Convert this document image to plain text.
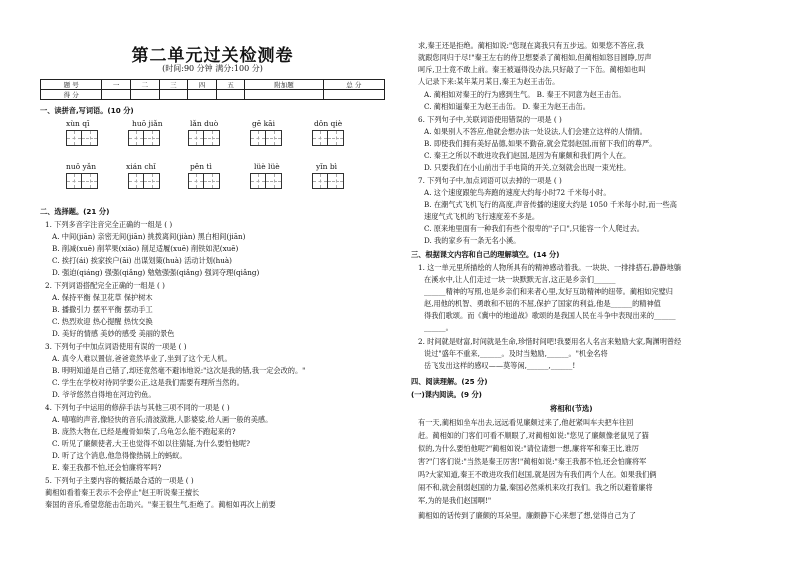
第二单元过关检测卷
(时间:90 分钟 满分:100 分)
题 号	一	二	三	四	五	附加题	总 分
得 分							
一、读拼音,写词语。(10 分)
xùn qī	huō jiǎn	lǎn duò	gē kāi	dǒn qiè
nuǒ yǎn	xián chǐ	pěn tì	lüè lüè	yǐn bì
二、选择题。(21 分)
1. 下列多音字注音完全正确的一组是 ( )
A. 中间(jiān) 亲密无间(jiān) 挑拨离间(jiàn) 黑白相间(jiān)
B. 削减(xuē) 削苹果(xiāo) 削足适履(xuē) 削铁如泥(xuē)
C. 挨打(ái) 挨家挨户(āi) 出谋划策(huà) 活动计划(huà)
D. 强迫(qiáng) 强强(qiǎng) 勉勉强强(qiǎng) 强词夺理(qiǎng)
2. 下列词语搭配完全正确的一组是 ( )
A. 保持平衡 保卫花草 保护树木
B. 播撒引力 摆平平衡 摆动手工
C. 热烈欢迎 热心提醒 热忱交换
D. 美好的情感 美妙的感受 美丽的景色
3. 下列句子中加点词语使用有误的一项是 ( )
A. 真令人难以置信,爸爸竟然毕业了,坐到了这个无人机。
B. 明明知道是自己错了,却还竟然毫不避讳地说:"这次是我的错,我一定会改的。"
C. 学生在学校对待同学要公正,这是我们需要有理所当然的。
D. 爷爷悠然自得地在河边钓鱼。
4. 下列句子中运用的修辞手法与其他三项不同的一项是 ( )
A. 嘻嘻的声音,像轻快的音乐;清波潋滟,人影婆娑,给人画一般的美感。
B. 庞然大物在,已经是瘦骨如柴了,乌龟怎么能不跑起来的?
C. 听见了廉颇使者,大王也觉得不如以往猜疑,为什么要怕他呢?
D. 听了这个消息,他急得像热锅上的蚂蚁。
E. 秦王我都不怕,还会怕廉将军吗?
5. 下列句子主要内容的概括最合适的一项是 ( )
蔺相如看着秦王表示不会停止"赵王听说秦王擅长
秦国的音乐,希望您能击缶助兴。"秦王很生气,拒绝了。蔺相如再次上前要
求,秦王还是拒绝。蔺相如说:"您现在离我只有五步远。如果您不答应,我
就跟您同归于尽!"秦王左右的侍卫想要杀了蔺相如,但蔺相如怒目圆睁,厉声
呵斥,卫士竟不敢上前。秦王被逼得没办法,只好敲了一下缶。蔺相如也叫
人记录下来:某年某月某日,秦王为赵王击缶。
A. 蔺相如对秦王的行为感到生气。 B. 秦王不同意为赵王击缶。
C. 蔺相如逼秦王为赵王击缶。 D. 秦王为赵王击缶。
6. 下列句子中,关联词语使用错误的一项是 ( )
A. 如果别人不答应,他就会想办法一处设法,人们会建立这样的人情情。
B. 即使我们拥有美好品德,如果不勤奋,就会荒弱赵国,而留下我们的尊严。
C. 秦王之所以不敢进攻我们赵国,是因为有廉颇和我们两个人在。
D. 只要我们在小山前出于手电筒的开关,立刻就会出现一束光柱。
7. 下列句子中,加点词语可以去掉的一项是 ( )
A. 这个速度跟鸵鸟奔跑的速度大约每小时72 千米每小时。
B. 在潮气式飞机飞行的高度,声音传播的速度大约是 1050 千米每小时,而一些高
速度气式飞机的飞行速度差不多是。
C. 原来地里面有一种我们有些个很卑的"子口",只能容一个人爬过去。
D. 我的家乡有一条无名小溪。
三、根据课文内容和自己的理解填空。(14 分)
1. 这一单元里所描绘的人物所具有的精神感动着我。一块块、一排排搭石,静静地躺
在溪水中,让人们走过一块一块默默无言,这正是乡亲们______
______精神的写照,也是乡亲们和来者心里,友好互助精神的纽带。蔺相如完璧归
赵,用他的机智、勇敢和不屈的不屈,保护了国家的利益,他是______的精神值
得我们歌颂。而《冀中的地道战》歌颂的是我国人民在斗争中表现出来的______
______。
2. 时间就是财富,时间就是生命,珍惜时间吧!我要用名人名言来勉励大家,陶渊明曾经
说过"盛年不重来,______。及时当勉励,______。"机金名将
岳飞发出这样的感叹——莫等闲,______,______!
四、阅读理解。(25 分)
(一)课内阅读。(9 分)
将相和(节选)
有一天,蔺相如坐车出去,远远看见廉颇过来了,他赶紧叫车夫把车往回
赶。蔺相如的门客们可看不顺眼了,对蔺相如说:"您见了廉颇像老鼠见了猫
似的,为什么要怕他呢?"蔺相如说:"请位请想一想,廉将军和秦王比,谁厉
害?"门客们说:"当然是秦王厉害!"蔺相如说:"秦王我都不怕,还会怕廉将军
吗?大家知道,秦王不敢进攻我们赵国,就是因为有我们两个人在。如果我们俩
闹不和,就会削弱赵国的力量,秦国必然乘机来攻打我们。我之所以避着廉将
军,为的是我们赵国啊!"
蔺相如的话传到了廉颇的耳朵里。廉颇静下心来想了想,觉得自己为了
